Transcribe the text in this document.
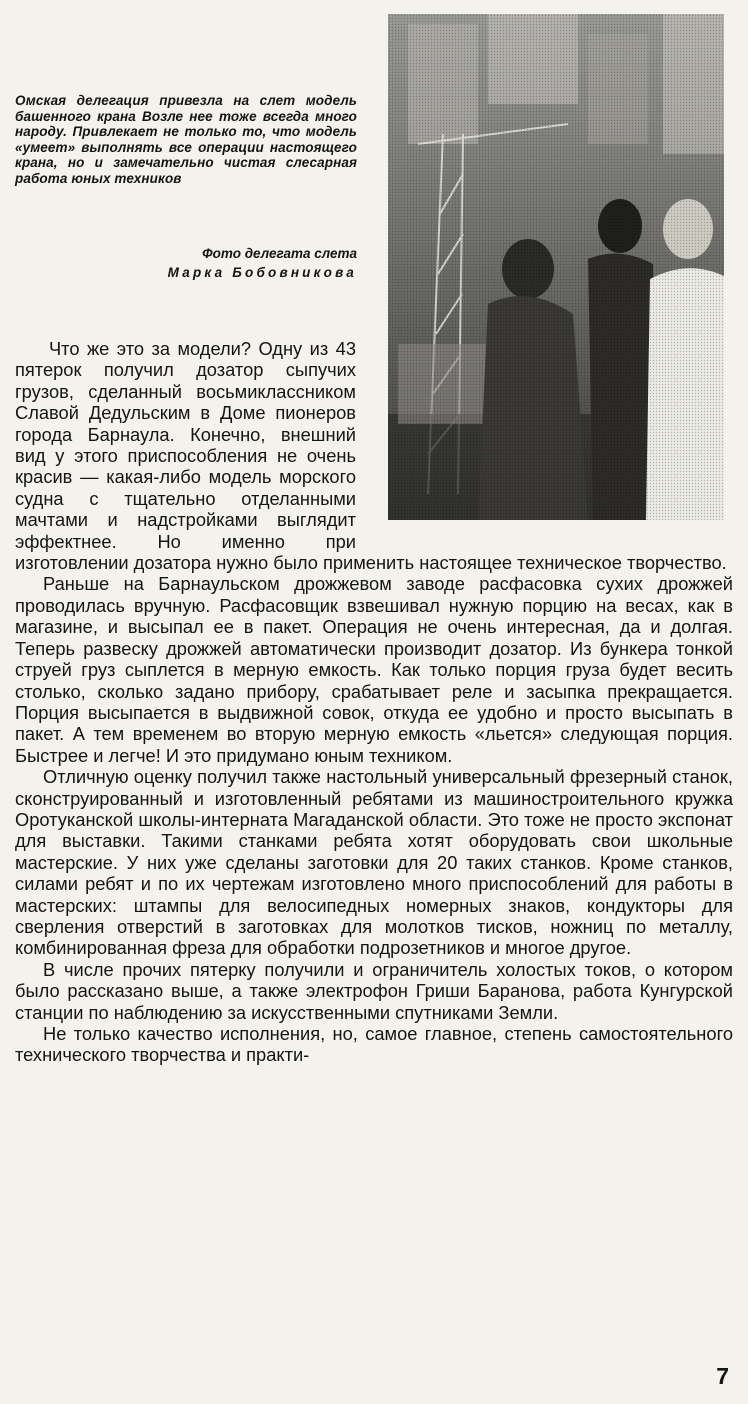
Омская делегация привезла на слет модель башенного крана Возле нее тоже всегда много народу. Привлекает не только то, что модель «умеет» выполнять все операции настоящего крана, но и замечательно чистая слесарная работа юных техников
Фото делегата слета
Марка Бобовникова

Что же это за модели? Одну из 43 пятерок получил дозатор сыпучих грузов, сделанный восьмиклассником Славой Дедульским в Доме пионеров города Барнаула. Конечно, внешний вид у этого приспособления не очень красив — какая-либо модель морского судна с тщательно отделанными мачтами и надстройками выглядит эффектнее. Но именно при изготовлении дозатора нужно было применить настоящее техническое творчество.

Раньше на Барнаульском дрожжевом заводе расфасовка сухих дрожжей проводилась вручную. Расфасовщик взвешивал нужную порцию на весах, как в магазине, и высыпал ее в пакет. Операция не очень интересная, да и долгая. Теперь развеску дрожжей автоматически производит дозатор. Из бункера тонкой струей груз сыплется в мерную емкость. Как только порция груза будет весить столько, сколько задано прибору, срабатывает реле и засыпка прекращается. Порция высыпается в выдвижной совок, откуда ее удобно и просто высыпать в пакет. А тем временем во вторую мерную емкость «льется» следующая порция. Быстрее и легче! И это придумано юным техником.

Отличную оценку получил также настольный универсальный фрезерный станок, сконструированный и изготовленный ребятами из машиностроительного кружка Оротуканской школы-интерната Магаданской области. Это тоже не просто экспонат для выставки. Такими станками ребята хотят оборудовать свои школьные мастерские. У них уже сделаны заготовки для 20 таких станков. Кроме станков, силами ребят и по их чертежам изготовлено много приспособлений для работы в мастерских: штампы для велосипедных номерных знаков, кондукторы для сверления отверстий в заготовках для молотков тисков, ножниц по металлу, комбинированная фреза для обработки подрозетников и многое другое.

В числе прочих пятерку получили и ограничитель холостых токов, о котором было рассказано выше, а также электрофон Гриши Баранова, работа Кунгурской станции по наблюдению за искусственными спутниками Земли.

Не только качество исполнения, но, самое главное, степень самостоятельного технического творчества и практи-

7
